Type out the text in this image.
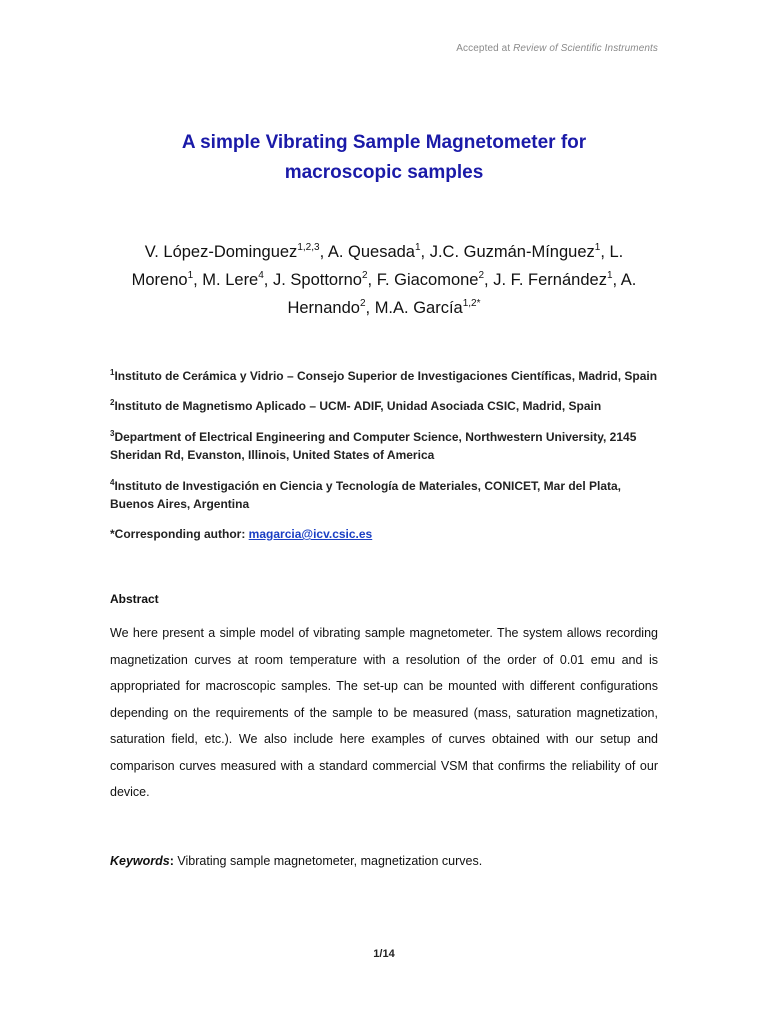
Accepted at Review of Scientific Instruments
A simple Vibrating Sample Magnetometer for
macroscopic samples
V. López-Dominguez$^{1,2,3}$, A. Quesada$^1$, J.C. Guzmán-Mínguez$^1$, L. Moreno$^1$, M. Lere$^4$, J. Spottorno$^2$, F. Giacomone$^2$, J. F. Fernández$^1$, A. Hernando$^2$, M.A. García$^{1,2*}$
$^1$Instituto de Cerámica y Vidrio – Consejo Superior de Investigaciones Científicas, Madrid, Spain
$^2$Instituto de Magnetismo Aplicado – UCM- ADIF, Unidad Asociada CSIC, Madrid, Spain
$^3$Department of Electrical Engineering and Computer Science, Northwestern University, 2145 Sheridan Rd, Evanston, Illinois, United States of America
$^4$Instituto de Investigación en Ciencia y Tecnología de Materiales, CONICET, Mar del Plata, Buenos Aires, Argentina
*Corresponding author: magarcia@icv.csic.es
Abstract
We here present a simple model of vibrating sample magnetometer. The system allows recording magnetization curves at room temperature with a resolution of the order of 0.01 emu and is appropriated for macroscopic samples. The set-up can be mounted with different configurations depending on the requirements of the sample to be measured (mass, saturation magnetization, saturation field, etc.). We also include here examples of curves obtained with our setup and comparison curves measured with a standard commercial VSM that confirms the reliability of our device.
Keywords: Vibrating sample magnetometer, magnetization curves.
1/14
